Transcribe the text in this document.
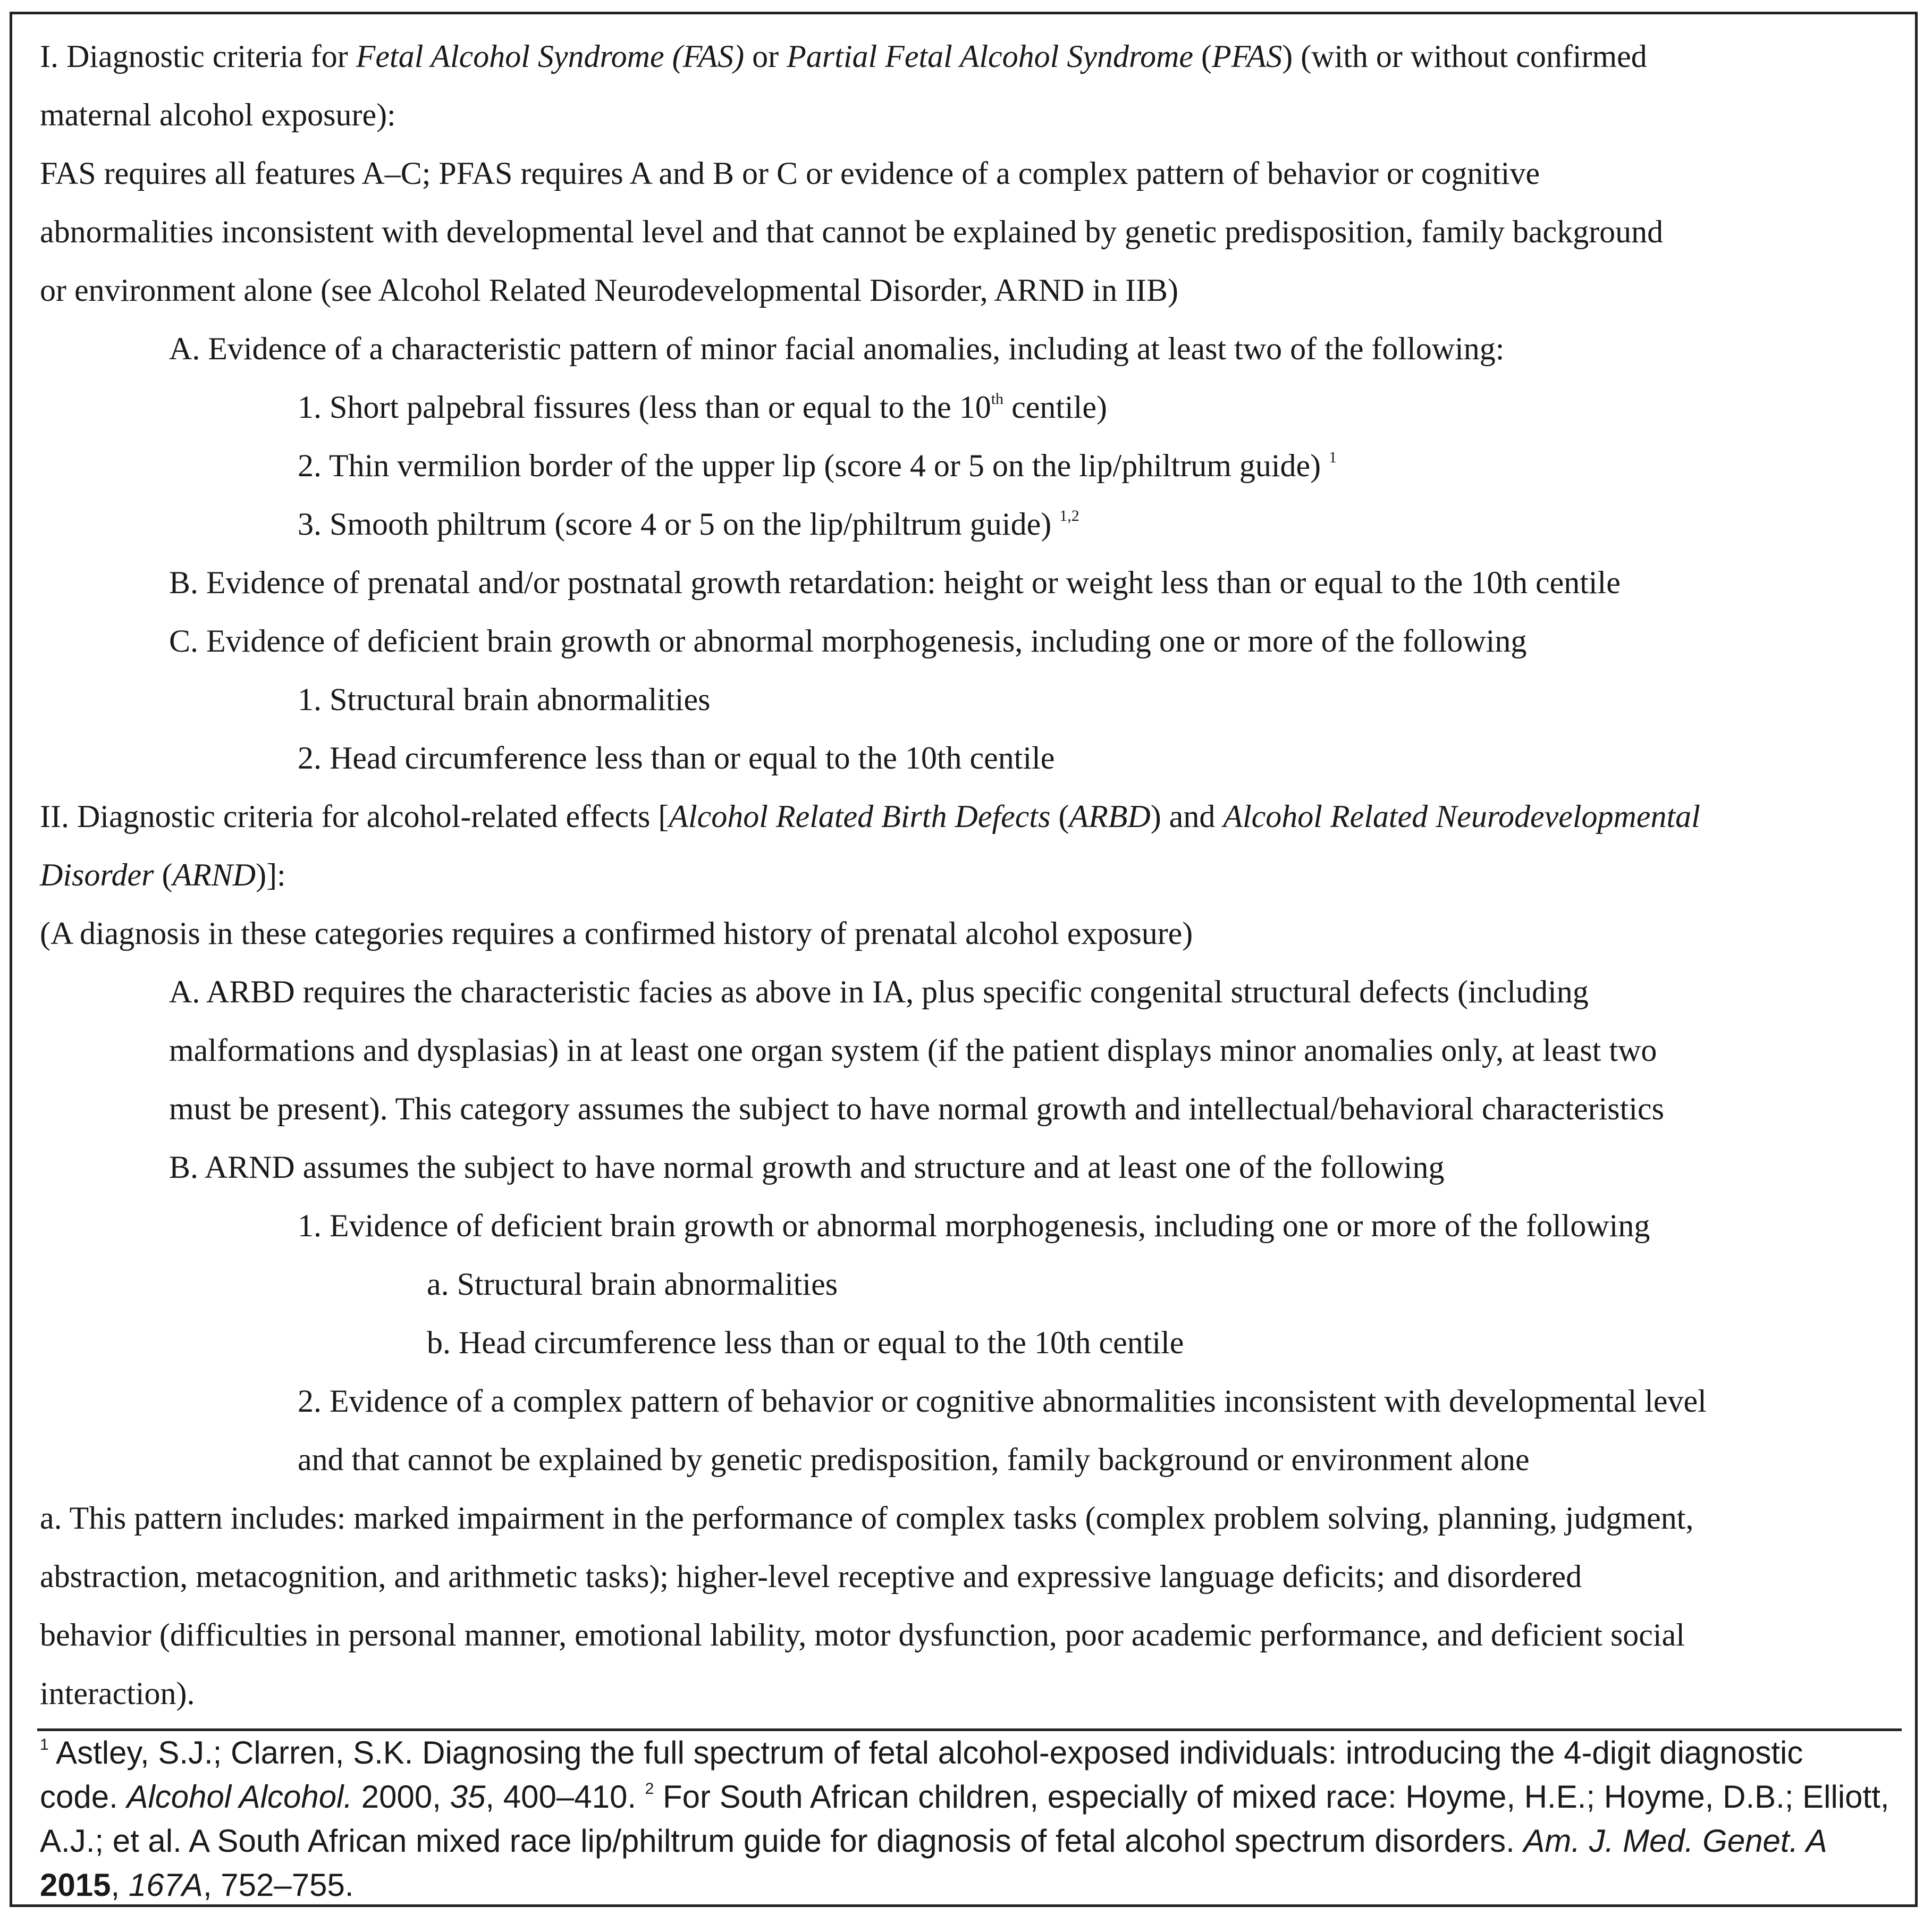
I. Diagnostic criteria for Fetal Alcohol Syndrome (FAS) or Partial Fetal Alcohol Syndrome (PFAS) (with or without confirmed
maternal alcohol exposure):
FAS requires all features A–C; PFAS requires A and B or C or evidence of a complex pattern of behavior or cognitive
abnormalities inconsistent with developmental level and that cannot be explained by genetic predisposition, family background
or environment alone (see Alcohol Related Neurodevelopmental Disorder, ARND in IIB)
A. Evidence of a characteristic pattern of minor facial anomalies, including at least two of the following:
1. Short palpebral fissures (less than or equal to the 10th centile)
2. Thin vermilion border of the upper lip (score 4 or 5 on the lip/philtrum guide) $^1$
3. Smooth philtrum (score 4 or 5 on the lip/philtrum guide) $^{1,2}$
B. Evidence of prenatal and/or postnatal growth retardation: height or weight less than or equal to the 10th centile
C. Evidence of deficient brain growth or abnormal morphogenesis, including one or more of the following
1. Structural brain abnormalities
2. Head circumference less than or equal to the 10th centile
II. Diagnostic criteria for alcohol-related effects [Alcohol Related Birth Defects (ARBD) and Alcohol Related Neurodevelopmental
Disorder (ARND)]:
(A diagnosis in these categories requires a confirmed history of prenatal alcohol exposure)
A. ARBD requires the characteristic facies as above in IA, plus specific congenital structural defects (including
malformations and dysplasias) in at least one organ system (if the patient displays minor anomalies only, at least two
must be present). This category assumes the subject to have normal growth and intellectual/behavioral characteristics
B. ARND assumes the subject to have normal growth and structure and at least one of the following
1. Evidence of deficient brain growth or abnormal morphogenesis, including one or more of the following
a. Structural brain abnormalities
b. Head circumference less than or equal to the 10th centile
2. Evidence of a complex pattern of behavior or cognitive abnormalities inconsistent with developmental level
and that cannot be explained by genetic predisposition, family background or environment alone
a. This pattern includes: marked impairment in the performance of complex tasks (complex problem solving, planning, judgment,
abstraction, metacognition, and arithmetic tasks); higher-level receptive and expressive language deficits; and disordered
behavior (difficulties in personal manner, emotional lability, motor dysfunction, poor academic performance, and deficient social
interaction).
$^1$ Astley, S.J.; Clarren, S.K. Diagnosing the full spectrum of fetal alcohol-exposed individuals: introducing the 4-digit diagnostic
code. Alcohol Alcohol. 2000, 35, 400–410. $^2$ For South African children, especially of mixed race: Hoyme, H.E.; Hoyme, D.B.; Elliott,
A.J.; et al. A South African mixed race lip/philtrum guide for diagnosis of fetal alcohol spectrum disorders. Am. J. Med. Genet. A
2015, 167A, 752–755.
